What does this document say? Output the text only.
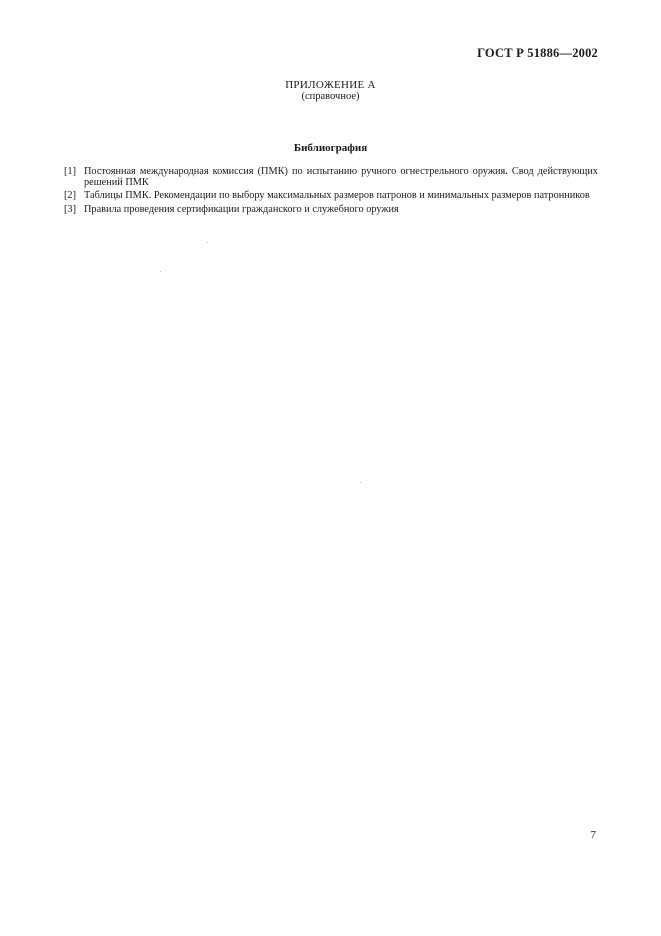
ГОСТ Р 51886—2002
ПРИЛОЖЕНИЕ А
(справочное)
Библиография
[1] Постоянная международная комиссия (ПМК) по испытанию ручного огнестрельного оружия. Свод действующих решений ПМК
[2] Таблицы ПМК. Рекомендации по выбору максимальных размеров патронов и минимальных размеров патронников
[3] Правила проведения сертификации гражданского и служебного оружия
7
